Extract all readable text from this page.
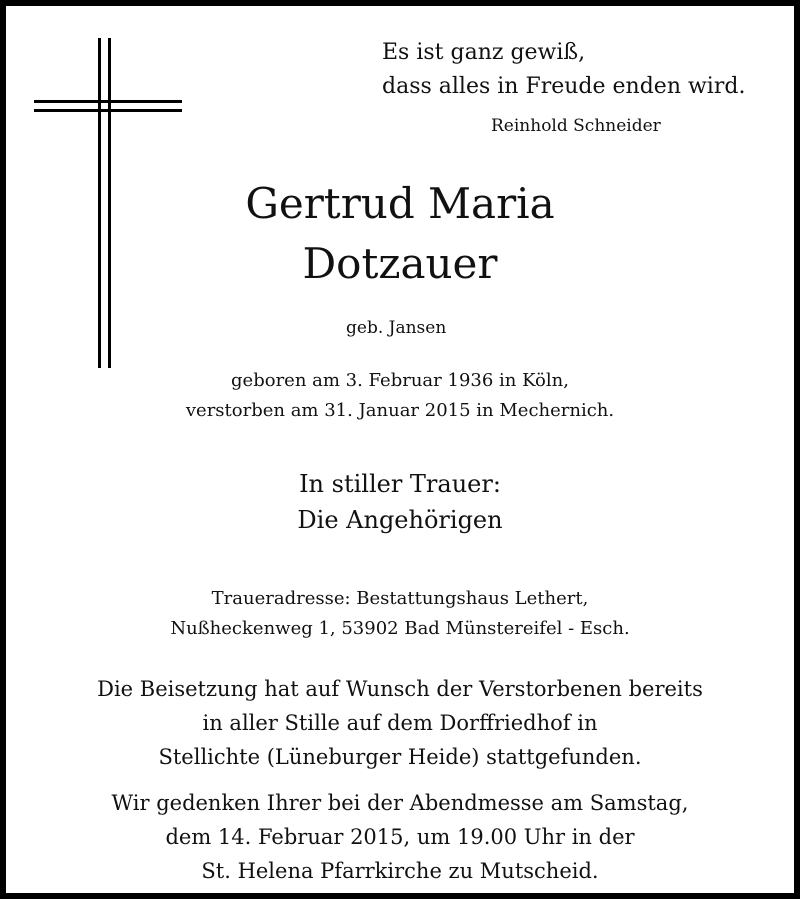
Es ist ganz gewiß,
dass alles in Freude enden wird.
Reinhold Schneider
Gertrud Maria
Dotzauer
geb. Jansen
geboren am 3. Februar 1936 in Köln,
verstorben am 31. Januar 2015 in Mechernich.
In stiller Trauer:
Die Angehörigen
Traueradresse: Bestattungshaus Lethert,
Nußheckenweg 1, 53902 Bad Münstereifel - Esch.
Die Beisetzung hat auf Wunsch der Verstorbenen bereits
in aller Stille auf dem Dorffriedhof in
Stellichte (Lüneburger Heide) stattgefunden.
Wir gedenken Ihrer bei der Abendmesse am Samstag,
dem 14. Februar 2015, um 19.00 Uhr in der
St. Helena Pfarrkirche zu Mutscheid.
